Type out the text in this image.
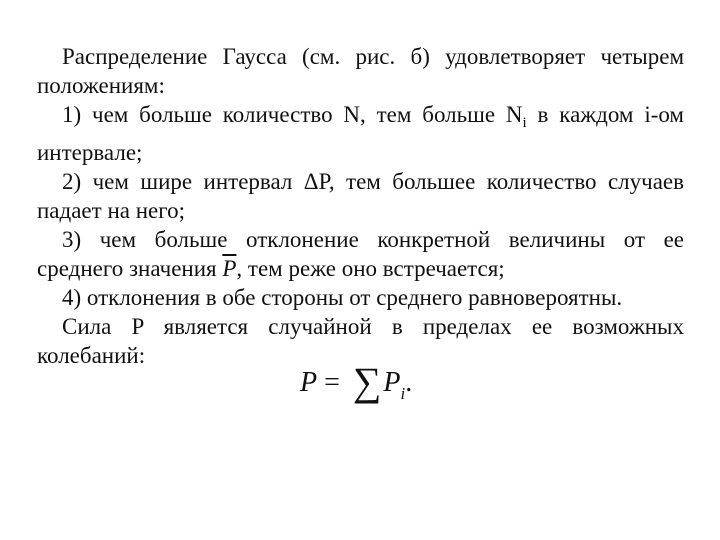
Распределение Гаусса (см. рис. б) удовлетворяет четырем положениям:

1) чем больше количество N, тем больше $N_i$ в каждом i-ом интервале;

2) чем шире интервал ΔP, тем большее количество случаев падает на него;

3) чем больше отклонение конкретной величины от ее среднего значения $\overline{P}$, тем реже оно встречается;

4) отклонения в обе стороны от среднего равновероятны.

Сила P является случайной в пределах ее возможных колебаний:

$P = \sum P_i$.
